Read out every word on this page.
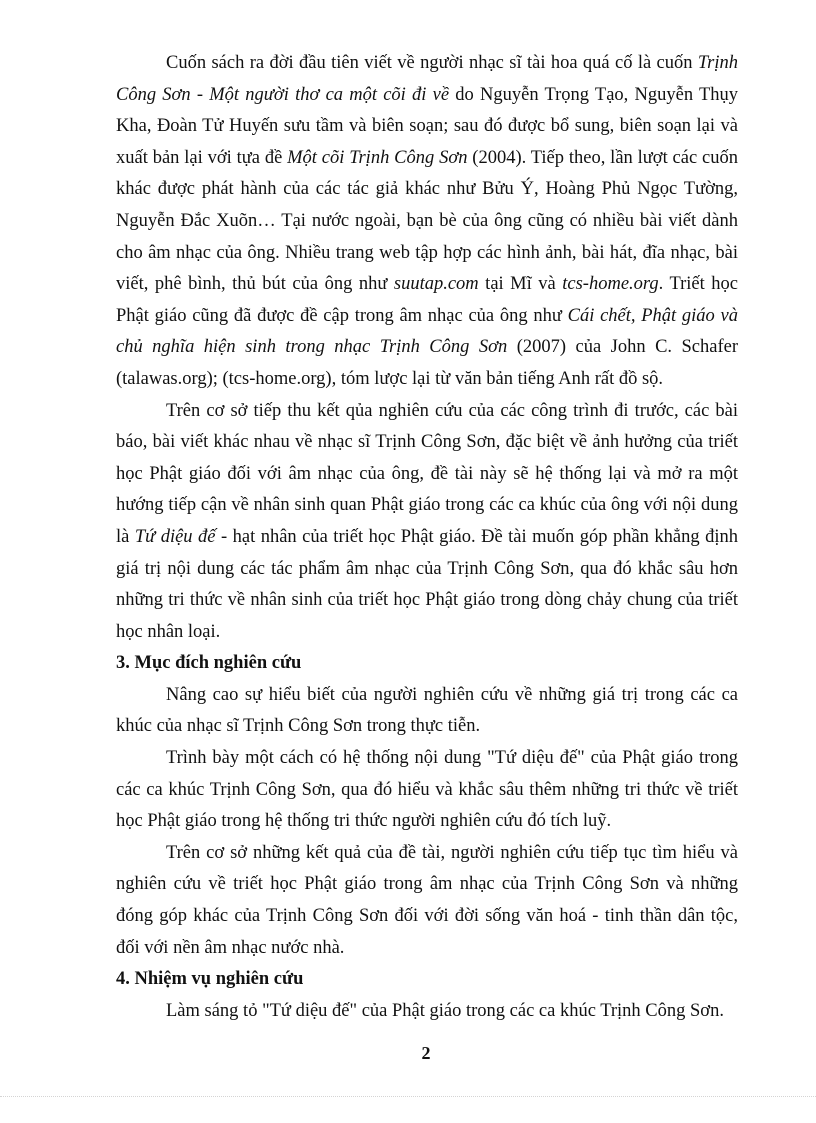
Cuốn sách ra đời đầu tiên viết về người nhạc sĩ tài hoa quá cố là cuốn Trịnh Công Sơn - Một người thơ ca một cõi đi về do Nguyễn Trọng Tạo, Nguyễn Thụy Kha, Đoàn Tử Huyến sưu tầm và biên soạn; sau đó được bổ sung, biên soạn lại và xuất bản lại với tựa đề Một cõi Trịnh Công Sơn (2004). Tiếp theo, lần lượt các cuốn khác được phát hành của các tác giả khác như Bửu Ý, Hoàng Phủ Ngọc Tường, Nguyễn Đắc Xuõn… Tại nước ngoài, bạn bè của ông cũng có nhiều bài viết dành cho âm nhạc của ông. Nhiều trang web tập hợp các hình ảnh, bài hát, đĩa nhạc, bài viết, phê bình, thủ bút của ông như suutap.com tại Mĩ và tcs-home.org. Triết học Phật giáo cũng đã được đề cập trong âm nhạc của ông như Cái chết, Phật giáo và chủ nghĩa hiện sinh trong nhạc Trịnh Công Sơn (2007) của John C. Schafer (talawas.org); (tcs-home.org), tóm lược lại từ văn bản tiếng Anh rất đồ sộ.

Trên cơ sở tiếp thu kết qủa nghiên cứu của các công trình đi trước, các bài báo, bài viết khác nhau về nhạc sĩ Trịnh Công Sơn, đặc biệt về ảnh hưởng của triết học Phật giáo đối với âm nhạc của ông, đề tài này sẽ hệ thống lại và mở ra một hướng tiếp cận về nhân sinh quan Phật giáo trong các ca khúc của ông với nội dung là Tứ diệu đế - hạt nhân của triết học Phật giáo. Đề tài muốn góp phần khẳng định giá trị nội dung các tác phẩm âm nhạc của Trịnh Công Sơn, qua đó khắc sâu hơn những tri thức về nhân sinh của triết học Phật giáo trong dòng chảy chung của triết học nhân loại.

3. Mục đích nghiên cứu

Nâng cao sự hiểu biết của người nghiên cứu về những giá trị trong các ca khúc của nhạc sĩ Trịnh Công Sơn trong thực tiễn.

Trình bày một cách có hệ thống nội dung "Tứ diệu đế" của Phật giáo trong các ca khúc Trịnh Công Sơn, qua đó hiểu và khắc sâu thêm những tri thức về triết học Phật giáo trong hệ thống tri thức người nghiên cứu đó tích luỹ.

Trên cơ sở những kết quả của đề tài, người nghiên cứu tiếp tục tìm hiểu và nghiên cứu về triết học Phật giáo trong âm nhạc của Trịnh Công Sơn và những đóng góp khác của Trịnh Công Sơn đối với đời sống văn hoá - tinh thần dân tộc, đối với nền âm nhạc nước nhà.

4. Nhiệm vụ nghiên cứu

Làm sáng tỏ "Tứ diệu đế" của Phật giáo trong các ca khúc Trịnh Công Sơn.

2
